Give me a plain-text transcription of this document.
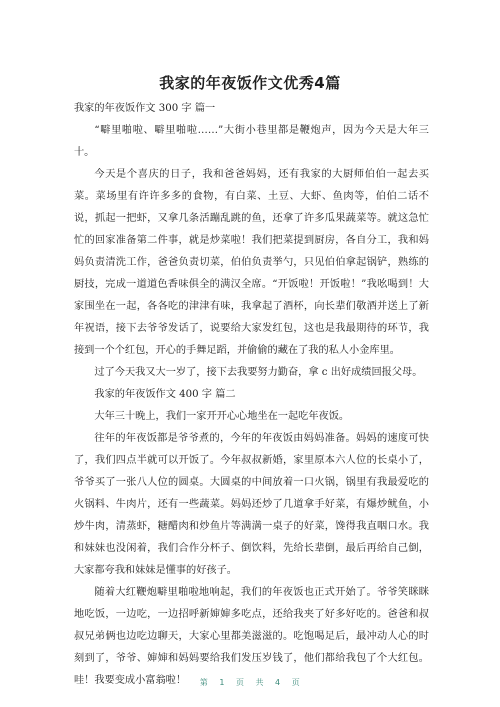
我家的年夜饭作文优秀4篇

我家的年夜饭作文 300 字 篇一

“噼里啪啦、噼里啪啦……”大街小巷里都是鞭炮声，因为今天是大年三十。

今天是个喜庆的日子，我和爸爸妈妈，还有我家的大厨师伯伯一起去买菜。菜场里有许许多多的食物，有白菜、土豆、大虾、鱼肉等，伯伯二话不说，抓起一把虾，又拿几条活蹦乱跳的鱼，还拿了许多瓜果蔬菜等。就这急忙忙的回家准备第二件事，就是炒菜啦！我们把菜提到厨房，各自分工，我和妈妈负责清洗工作，爸爸负责切菜，伯伯负责挙勺，只见伯伯拿起锅铲，熟练的厨技，完成一道道色香味俱全的满汉全席。“开饭啦！开饭啦！”我吆喝到！大家围坐在一起，各各吃的津津有味，我拿起了酒杯，向长辈们敬酒并送上了新年祝语，接下去爷爷发话了，说要给大家发红包，这也是我最期待的环节，我接到一个个红包，开心的手舞足蹈，并偷偷的藏在了我的私人小金库里。

过了今天我又大一岁了，接下去我要努力勤奋，拿 c 出好成绩回报父母。

我家的年夜饭作文 400 字 篇二

大年三十晚上，我们一家开开心心地坐在一起吃年夜饭。

往年的年夜饭都是爷爷煮的，今年的年夜饭由妈妈准备。妈妈的速度可快了，我们四点半就可以开饭了。今年叔叔新婚，家里原本六人位的长桌小了，爷爷买了一张八人位的圆桌。大圆桌的中间放着一口火锅，锅里有我最爱吃的火锅料、牛肉片，还有一些蔬菜。妈妈还炒了几道拿手好菜，有爆炒鱿鱼，小炒牛肉，清蒸虾，糖醋肉和炒鱼片等满满一桌子的好菜，馋得我直咽口水。我和妹妹也没闲着，我们合作分杯子、倒饮料，先给长辈倒，最后再给自己倒，大家都夸我和妹妹是懂事的好孩子。

随着大红鞭炮噼里啪啦地响起，我们的年夜饭也正式开始了。爷爷笑眯眯地吃饭，一边吃，一边招呼新婶婶多吃点，还给我夹了好多好吃的。爸爸和叔叔兄弟俩也边吃边聊天，大家心里都美滋滋的。吃饱喝足后，最冲动人心的时刻到了，爷爷、婶婶和妈妈要给我们发压岁钱了，他们都给我包了个大红包。哇！我要变成小富翁啦！	第 1 页 共 4 页
